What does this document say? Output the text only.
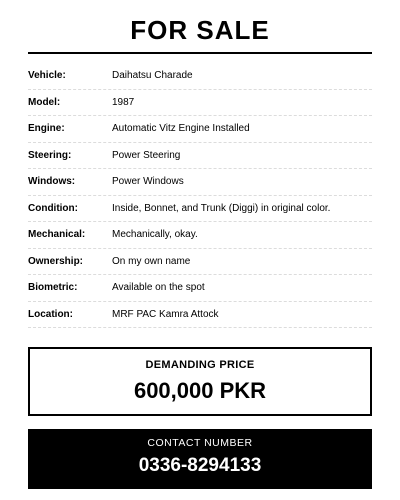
FOR SALE
Vehicle:	Daihatsu Charade
Model:	1987
Engine:	Automatic Vitz Engine Installed
Steering:	Power Steering
Windows:	Power Windows
Condition:	Inside, Bonnet, and Trunk (Diggi) in original color.
Mechanical:	Mechanically, okay.
Ownership:	On my own name
Biometric:	Available on the spot
Location:	MRF PAC Kamra Attock
DEMANDING PRICE
600,000 PKR
CONTACT NUMBER
0336-8294133
